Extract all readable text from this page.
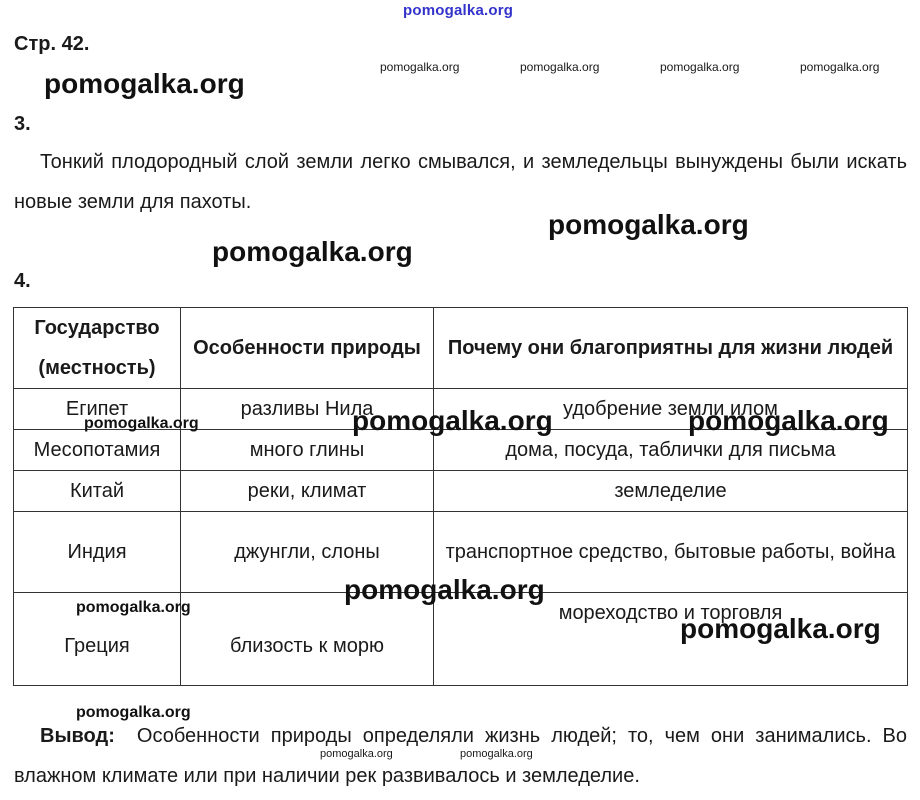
pomogalka.org
Стр. 42.
3.
Тонкий плодородный слой земли легко смывался, и земледельцы вынуждены были искать новые земли для пахоты.
4.
Государство (местность)	Особенности природы	Почему они благоприятны для жизни людей
Египет	разливы Нила	удобрение земли илом
Месопотамия	много глины	дома, посуда, таблички для письма
Китай	реки, климат	земледелие
Индия	джунгли, слоны	транспортное средство, бытовые работы, война
Греция	близость к морю	мореходство и торговля
Вывод: Особенности природы определяли жизнь людей; то, чем они занимались. Во влажном климате или при наличии рек развивалось и земледелие.
pomogalka.org	pomogalka.org	pomogalka.org	pomogalka.org
pomogalka.org
pomogalka.org
pomogalka.org
pomogalka.org	pomogalka.org	pomogalka.org
pomogalka.org
pomogalka.org
pomogalka.org
pomogalka.org
pomogalka.org	pomogalka.org
